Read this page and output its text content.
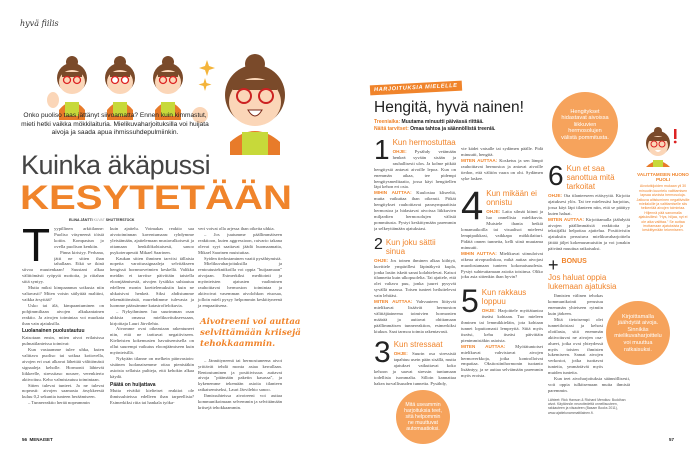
hyvä fiilis
Onko puoliso taas jättänyt siivoamatta? Ennen kuin kimmastut, mieti hetki vaikka mökkilaituria. Mielikuvaharjoituksilla voi huijata aivoja ja saada apua ihmissuhdepulmiinkin.
Kuinka äkäpussi
KESYTETÄÄN
ELINA JÄNTTI KUVAT SHUTTERSTOCK
T yypillinen arkitilanne: Puoliso väsyneenä töistä kotiin. Kompastun jo ovella puolison kenkiin.

Pinna kiristyy. Perhana, jätti ne sitten ihan tahallaan. Eikä se ikinä siivoa muutenkaan! Suustani alkaa välittömästi ryöpytä mottoita, ja riitahan siitä syntyy.

Mutta miksi kimpaannun sotkusta niin valtavasti? Miten voisin säilyttää malttini, vaikka ärsyttää?

Usko tai älä, kimpaantuminen on pohjimmiltaan aivojen alkukantainen reaktio. Ja aivojen toimintaa voi muokata ihan vain ajatuksilla.

Luolanainen puolustautuu

Katsotaan ensin, miten aivot erilaisissa pulmatilanteissa toimivat:

Kun vastaamme tulee uhka, kuten valittava puoliso tai sotkua kotiovella, aivojen eri osat alkavat lähettää välittömästi signaaleja keholle. Hormonit lähtevät liikkeelle, stressitaso nousee, verenkierto aktivoituu. Keho valmistautuu toimintaan.

Sitten tulevat tunteet. Ja ne tulevat nopeasti: aivojen saamasta ärsykkeestä kuluu 0,2 sekuntia tunteen heräämiseen.

– Tunnereaktio herää nopeammin

kuin ajattelu. Voimakas reaktio saa aivotoiminnan kaventumaan: ryhdymme yleistämään, ajattelemaan mustavalkoisesti ja ottamaan henkilökohtaisesti, sanoo psykoterapeutti Mikael Saarinen.

Kaukan sitten ihminen tarvitsi tällaisia nopeita varoitussignaaleja selvitäkseen hengissä hornmoveimien keskellä. Valikka meidän ei tarvitse päivittäin taistella eloonjäämisestä, aivojen fysiikka suhtautuu edelleen monin koettelemuksiin kuin ne uhkaisivat henkeä. Siksi ahdistumme tekemättömästä, murehdimme tulevasta ja luomme päässämme katastrofielokuvia.

– Nykyihminen luo suurimman osan uhkista omassa mielikuvitukseessaan, kirjoittaja Lauri Järvilehto.

Aivomme ovat oikeastaan rakentuneet niin, että ne tarttuvat negatiiviseen. Kielteisten kokemusten havaitsemisella on ollut suurempi vaikutus eloonjäämiseen kuin myönteisillä.

Nykyään tilanne on melkein päinvastoin: sisäinen luolanaisemme ottaa pienistäkin asioista sellaisia pulttejа, että kehokin alkaa käydä.

Päätä on huijattava

Mutta eivätkö kielteiset reaktiot ole ihmissuhteissa edelleen ihan tarpeellisia? Esimerkiksi riita tai hankala työka-

veri voivat olla arjessa ihan oikeita uhkia.

– Jos juutumme päällimmäiseen reaktioon, kuten aggressioon, raivario takana olevat syyt saattavat jäädä huomaamatta, Mikael Saarinen muistuttaa.

Syiden tiedostaminen vaatii pysähtymistä.

Mielikuvaharjoituksilla ja rentoutustekniikoilla voi oppia "huijaamaan" aivojaan. Esimerkiksi meditointi ja myönteisten ajatusten vaaliminen rauhoittavat hermoston toimintaa ja aktivoivat vasemman aivolohkon etuosaa, jolloin mieli pysyy helpommin keskittyneenä ja empaattisena.

Aivotreeni voi auttaa selvittämään kriisejä tehokkaammin.

– Jännittyneenä tai hermostuneena aivot yrittävät tehdä monta asiaa kerrallaan. Rentoutuminen ja positiivisuus auttavat aivoja "pitämään paketin kasassa", ja kykenemme tekemään asioita tilanteen ratkaisemiseksi, Lauri Järvilehto sanoo.

Ihmissuhteissa aivotreeni voi auttaa kommunikoimaan selvemmin ja selvittämään kriisejä tehokkaammin.

56 MENAISET
HARJOITUKSIA MIELELLE
Hengitä, hyvä nainen!
Treeniaika: Muutama minuutti päivässä riittää.
Näitä tarvitset: Omaa tahtoa ja säännöllistä treeniä.
1 Kun hermostuttaa
OHJE: Pysähdy vetämään henkeä syvään sisään ja rauhallisesti ulos. Ja kolme pitkää hengitystä antavat aivoille lepoa. Kun on enemmän aikaa, tee pidempi hengitysmeditaatio, jossa käyt hengitellen läpi kehon eri osia.
MIHIN AUTTAA: Kuulostaa kliseeltä, mutta vaikuttaa ihan oikeasti. Pitkät hengitykset rauhoittavat parasympaattista hermostoa ja hidastavat aivoissa liikkuvien miljardien hermosolujen välistä pommitusta. Pystyt keskittymään paremmin ja selkeyttämään ajatuksiasi.
2 Kun joku sättii sinua
OHJE: Jos toinen ihminen alkaa kiihtyä, kuvittele ympärillesi läpinäkyvä kupla, jonka lasiin iskeät sanat kolahtelevat. Katsot tilannetta kuin ulkopuolelta. Tai ajattele, että olet valtava puu, jonka juuret pysyvät syvällä maassa. Toisen tunteet heiluttelevat vain lehtiäsi.
MITEN AUTTAA: Vahvuuteen liittyvät mielikuvat lisäävät hermoston välittäjäaineena toimivien hormonien määrää ja auttavat ohittamaan päällimmäisen tunnereaktion, esimerkiksi kiukun. Saat tarmoa toimia rakentavasti.
3 Kun stressaat
OHJE: Suurin osa stressistä tapahtuu usein pään sisällä, mutta ajatukset vaikuttavat koko kehoon ja saavat stressin tuntumaan todellista isommalta. Silloin kannattaa hakea turvallisuuden tunnetta. Pysähdy,
Mitä useammin harjoituksia teet, sitä helpommin ne muuttuvat automaatioksi.
vie kädet vatsalle tai sydämen päälle. Pidä minuutti, hengitä.
MITEN AUTTAA: Kosketus ja sen lämpö rauhoittavat hermostoa ja antavat aivoille tiedon, että välitön vaara on ohi. Sydämen syke laskee.
4 Kun mikään ei onnistu
OHJE: Laita silmät kiinni ja luo onnellisia mielikuvia. Muistele ihania hetkiä lomamatkoilla tai visualisoi mieleesi lempipaikkasi, vaikkapa mökkilaituri. Pidätä onnen tunnetta, kelli siinä muutama minuutti.
MIHIN AUTTAA: Mielikuvat stimuloivat oikeaa aivopuoliskoa, mikä auttaa aivojasi muodostamaan tunteen kokonaisuudesta. Pystyt suhteuttamaan asioita toisiinsa. Oliko joku asia sittenkin ihan hyvin?
5 Kun rakkaus loppuu
OHJE: Harjoittele myötätuntoa itseäsi kohtaan. Tuo mieleen ihminen tai lemmikkieläin, jota kohtaan tunnet loputtomasti lempeyttä. Siitä myös itseäsi, kehu itseäsi päivittäin pienimmistäkin asioista.
MITEN AUTTAA: Myötätuntoiset mielikuvat vahvistavat aivojen hermoverkkoja, jotka kontrolloivat empatiaa. Oksitosiinihormonin tuotanto lisääntyy, ja se auttaa selviämään paremmin myös eroista.
Hengitykset hidastavat aivoissa liikkuvien hermosolujen välistä pommitusta.
6 Kun et saa sanottua mitä tarkoitat
OHJE: Ota tilanteeseen etäisyyttä. Kirjoita ajatuksesi ylös. Tai tee mielessäsi harjoitus, jossa käyt läpi tilanteen niin, että se päättyy kuten haluat.
MITEN AUTTAA: Kirjoittamalla jäähdytät aivojen päällimmäisiä reaktioita ja tekstijälki helpottaa ajattelua. Positiivisiin ajatuksiin perustuva mielikuvaharjoittelu jättää jäljet kokemusmuistiin ja voi jonakin päivänä muuttua ratkaisuksi.
+ BONUS
Jos haluat oppia lukemaan ajatuksia
Kirjoittamalla jäähdytät aivoja. Sinnikäs mielikuvaharjoittelu voi muuttua ratkaisuksi.

Ihmisten välinen tehokas kommunikointi perustuu enemmän yhteiseen rytmiin kuin järkeen.

Mitä tietoisempi olet tunnetiloistasi ja kehosi olotilasta, sitä enemmän aktivoituvat ne aivojen osa-alueet, jotka ovat yhteydessä myös toisten ihmisten lukemiseen. Samat aivojen verkostot, jotka tuottavat tunteita, ymmärtävät myös muiden tunteita.

Kun teet aivoharjoituksia säännöllisesti, voit oppia tulkitsemaan muita ihmisiä paremmin.

Lähteet: Rick Hanson & Richard Mendius: Buddhan aivot. Käytännön neurotiedettä onnellisuuteen, rakkauteen ja viisauteen (Basam Books 2011), www.ajattelunammattilainen.fi.
VALITTAMISEN HUONO PUOLI
Aivotutkijoiden mukaan yli 30 minuutin kuuntelu valittamisen lapsaa aivoista hermosoluja. Jatkuva altistuminen negatiivisille mielialoille ja valittamiselle siis heikentää aivojen toimintaa. Hiljennä pää sanomalla ajatuksillesi: "Hys, hiljaa, nyt ei ole aika valittaa." Se auttaa irrottamaan ajatuksista ja keskittymään tekemiseen.
57
